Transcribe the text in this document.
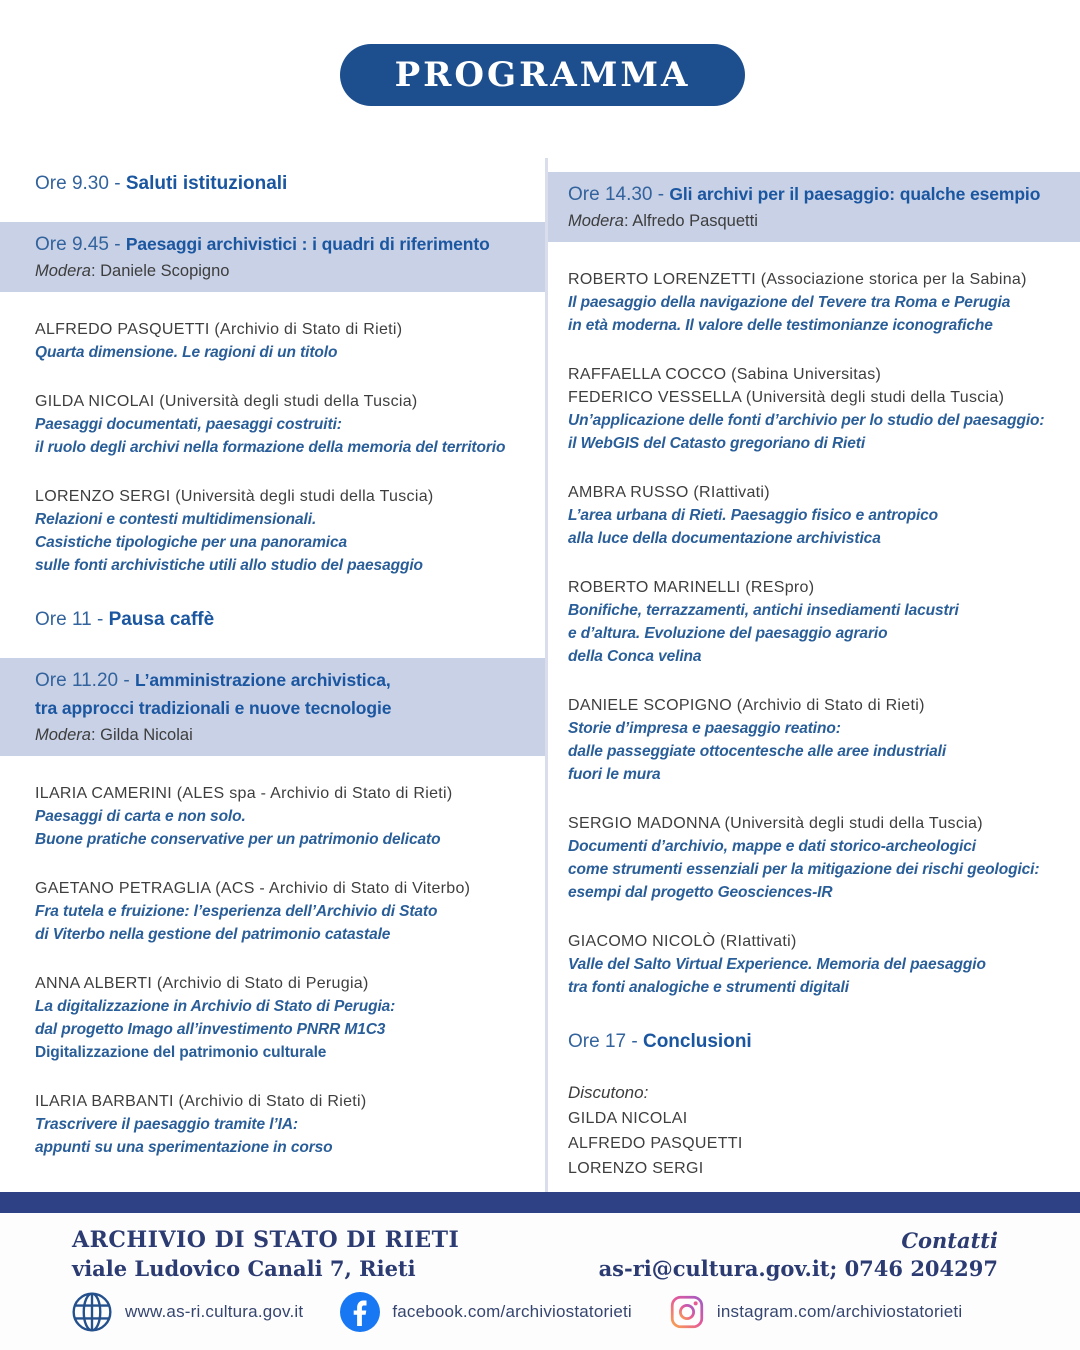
PROGRAMMA
Ore 9.30 - Saluti istituzionali
Ore 9.45 - Paesaggi archivistici : i quadri di riferimento
Modera: Daniele Scopigno
ALFREDO PASQUETTI (Archivio di Stato di Rieti)
Quarta dimensione. Le ragioni di un titolo
GILDA NICOLAI (Università degli studi della Tuscia)
Paesaggi documentati, paesaggi costruiti:
il ruolo degli archivi nella formazione della memoria del territorio
LORENZO SERGI (Università degli studi della Tuscia)
Relazioni e contesti multidimensionali.
Casistiche tipologiche per una panoramica
sulle fonti archivistiche utili allo studio del paesaggio
Ore 11 - Pausa caffè
Ore 11.20 - L’amministrazione archivistica,
tra approcci tradizionali e nuove tecnologie
Modera: Gilda Nicolai
ILARIA CAMERINI (ALES spa - Archivio di Stato di Rieti)
Paesaggi di carta e non solo.
Buone pratiche conservative per un patrimonio delicato
GAETANO PETRAGLIA (ACS - Archivio di Stato di Viterbo)
Fra tutela e fruizione: l’esperienza dell’Archivio di Stato
di Viterbo nella gestione del patrimonio catastale
ANNA ALBERTI (Archivio di Stato di Perugia)
La digitalizzazione in Archivio di Stato di Perugia:
dal progetto Imago all’investimento PNRR M1C3
Digitalizzazione del patrimonio culturale
ILARIA BARBANTI (Archivio di Stato di Rieti)
Trascrivere il paesaggio tramite l’IA:
appunti su una sperimentazione in corso
Ore 14.30 - Gli archivi per il paesaggio: qualche esempio
Modera: Alfredo Pasquetti
ROBERTO LORENZETTI (Associazione storica per la Sabina)
Il paesaggio della navigazione del Tevere tra Roma e Perugia
in età moderna. Il valore delle testimonianze iconografiche
RAFFAELLA COCCO (Sabina Universitas)
FEDERICO VESSELLA (Università degli studi della Tuscia)
Un’applicazione delle fonti d’archivio per lo studio del paesaggio:
il WebGIS del Catasto gregoriano di Rieti
AMBRA RUSSO (RIattivati)
L’area urbana di Rieti. Paesaggio fisico e antropico
alla luce della documentazione archivistica
ROBERTO MARINELLI (RESpro)
Bonifiche, terrazzamenti, antichi insediamenti lacustri
e d’altura. Evoluzione del paesaggio agrario
della Conca velina
DANIELE SCOPIGNO (Archivio di Stato di Rieti)
Storie d’impresa e paesaggio reatino:
dalle passeggiate ottocentesche alle aree industriali
fuori le mura
SERGIO MADONNA (Università degli studi della Tuscia)
Documenti d’archivio, mappe e dati storico-archeologici
come strumenti essenziali per la mitigazione dei rischi geologici:
esempi dal progetto Geosciences-IR
GIACOMO NICOLÒ (RIattivati)
Valle del Salto Virtual Experience. Memoria del paesaggio
tra fonti analogiche e strumenti digitali
Ore 17 - Conclusioni
Discutono:
GILDA NICOLAI
ALFREDO PASQUETTI
LORENZO SERGI
ARCHIVIO DI STATO DI RIETI
viale Ludovico Canali 7, Rieti
Contatti
as-ri@cultura.gov.it; 0746 204297
www.as-ri.cultura.gov.it	facebook.com/archiviostatorieti	instagram.com/archiviostatorieti
